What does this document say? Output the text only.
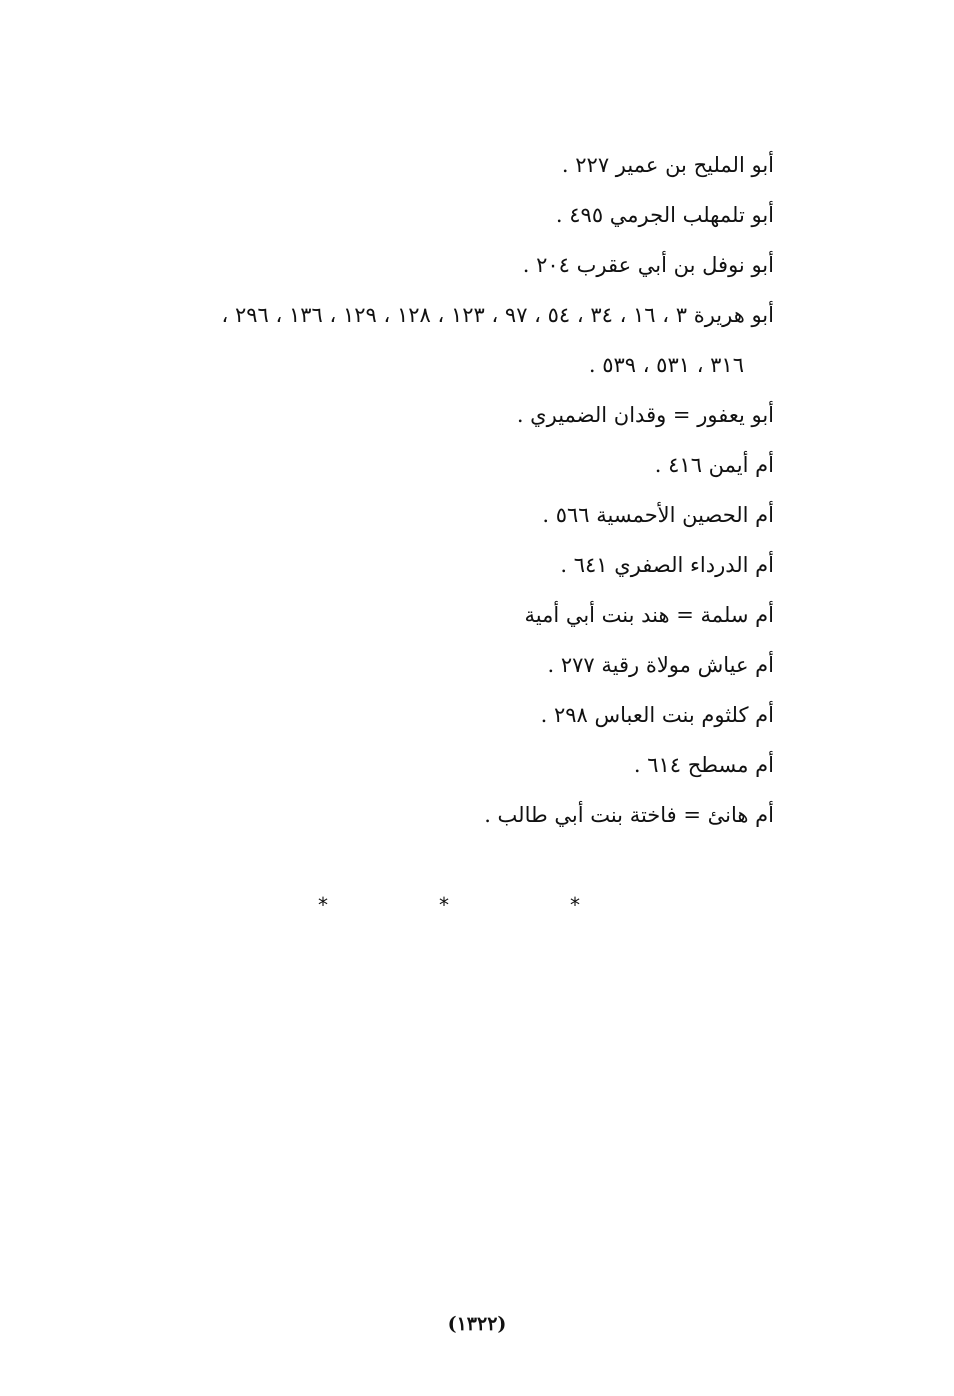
أبو المليح بن عمير ٢٢٧ .
أبو تلمهلب الجرمي ٤٩٥ .
أبو نوفل بن أبي عقرب ٢٠٤ .
أبو هريرة ٣ ، ١٦ ، ٣٤ ، ٥٤ ، ٩٧ ، ١٢٣ ، ١٢٨ ، ١٢٩ ، ١٣٦ ، ٢٩٦ ،
٣١٦ ، ٥٣١ ، ٥٣٩ .
أبو يعفور = وقدان الضميري .
أم أيمن ٤١٦ .
أم الحصين الأحمسية ٥٦٦ .
أم الدرداء الصفري ٦٤١ .
أم سلمة = هند بنت أبي أمية
أم عياش مولاة رقية ٢٧٧ .
أم كلثوم بنت العباس ٢٩٨ .
أم مسطح ٦١٤ .
أم هانئ = فاختة بنت أبي طالب .
*	*	*
(١٣٢٢)
